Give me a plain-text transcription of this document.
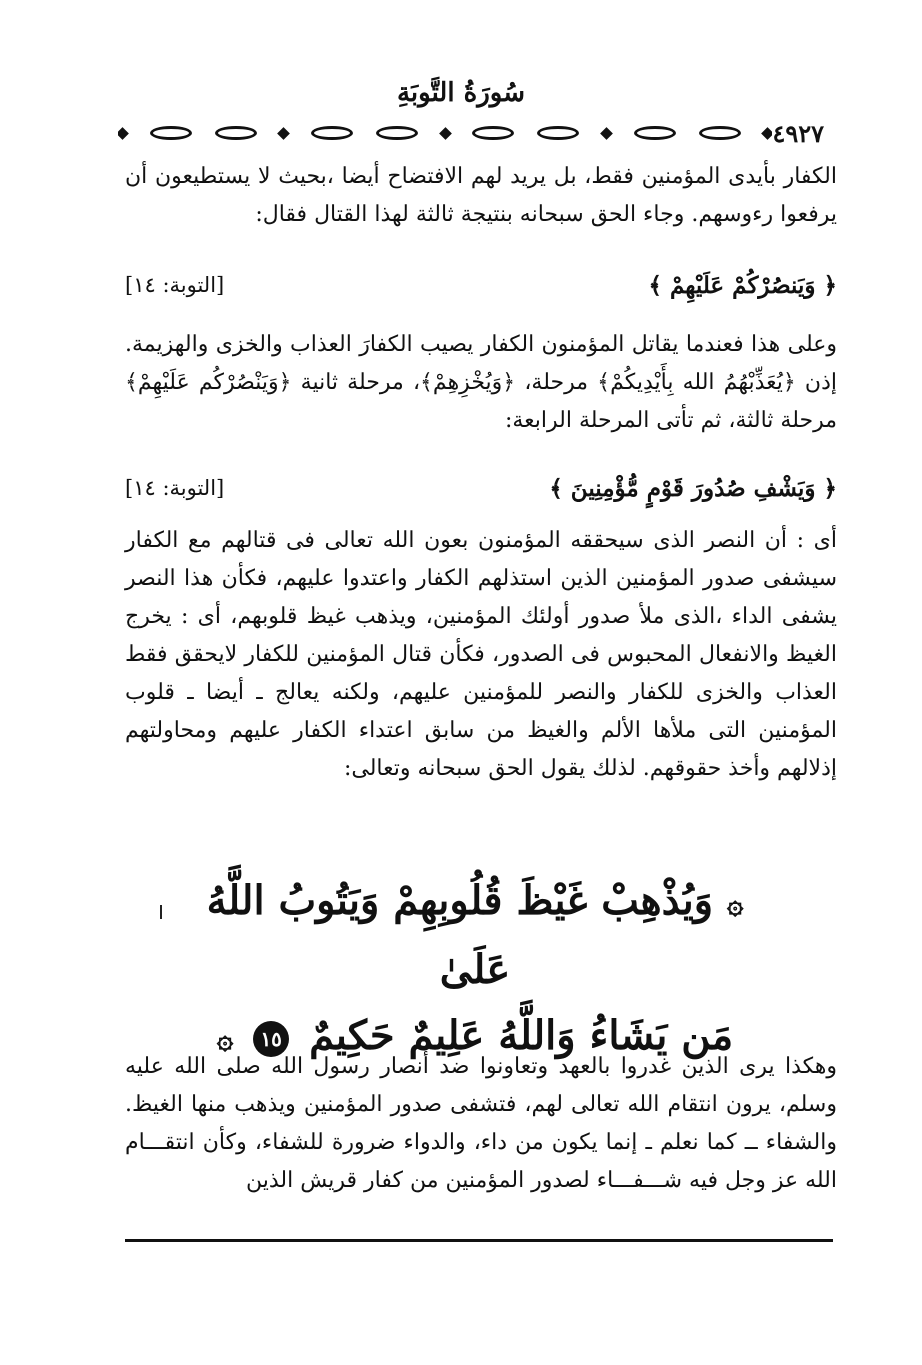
سُورَةُ التَّوبَةِ
٤٩٢٧
الكفار بأيدى المؤمنين فقط، بل يريد لهم الافتضاح أيضا ،بحيث لا يستطيعون أن يرفعوا رءوسهم. وجاء الحق سبحانه بنتيجة ثالثة لهذا القتال فقال:
﴿ وَيَنصُرْكُمْ عَلَيْهِمْ ﴾
[التوبة: ١٤]
وعلى هذا فعندما يقاتل المؤمنون الكفار يصيب الكفارَ العذاب والخزى والهزيمة. إذن ﴿يُعَذِّبْهُمُ الله بِأَيْدِيكُمْ﴾ مرحلة، ﴿وَيُخْزِهِمْ﴾، مرحلة ثانية ﴿وَيَنْصُرْكُم عَلَيْهِمْ﴾ مرحلة ثالثة، ثم تأتى المرحلة الرابعة:
﴿ وَيَشْفِ صُدُورَ قَوْمٍ مُّؤْمِنِينَ ﴾
[التوبة: ١٤]
أى : أن النصر الذى سيحققه المؤمنون بعون الله تعالى فى قتالهم مع الكفار سيشفى صدور المؤمنين الذين استذلهم الكفار واعتدوا عليهم، فكأن هذا النصر يشفى الداء ،الذى ملأ صدور أولئك المؤمنين، ويذهب غيظ قلوبهم، أى : يخرج الغيظ والانفعال المحبوس فى الصدور، فكأن قتال المؤمنين للكفار لايحقق فقط العذاب والخزى للكفار والنصر للمؤمنين عليهم، ولكنه يعالج ـ أيضا ـ قلوب المؤمنين التى ملأها الألم والغيظ من سابق اعتداء الكفار عليهم ومحاولتهم إذلالهم وأخذ حقوقهم. لذلك يقول الحق سبحانه وتعالى:
۞ وَيُذْهِبْ غَيْظَ قُلُوبِهِمْ وَيَتُوبُ اللَّهُ عَلَىٰ
مَن يَشَاءُ وَاللَّهُ عَلِيمٌ حَكِيمٌ ١٥ ۞
وهكذا يرى الذين غدروا بالعهد وتعاونوا ضد أنصار رسول الله صلى الله عليه وسلم، يرون انتقام الله تعالى لهم، فتشفى صدور المؤمنين ويذهب منها الغيظ. والشفاء ــ كما نعلم ـ إنما يكون من داء، والدواء ضرورة للشفاء، وكأن انتقـــام الله عز وجل فيه شـــفـــاء لصدور المؤمنين من كفار قريش الذين
